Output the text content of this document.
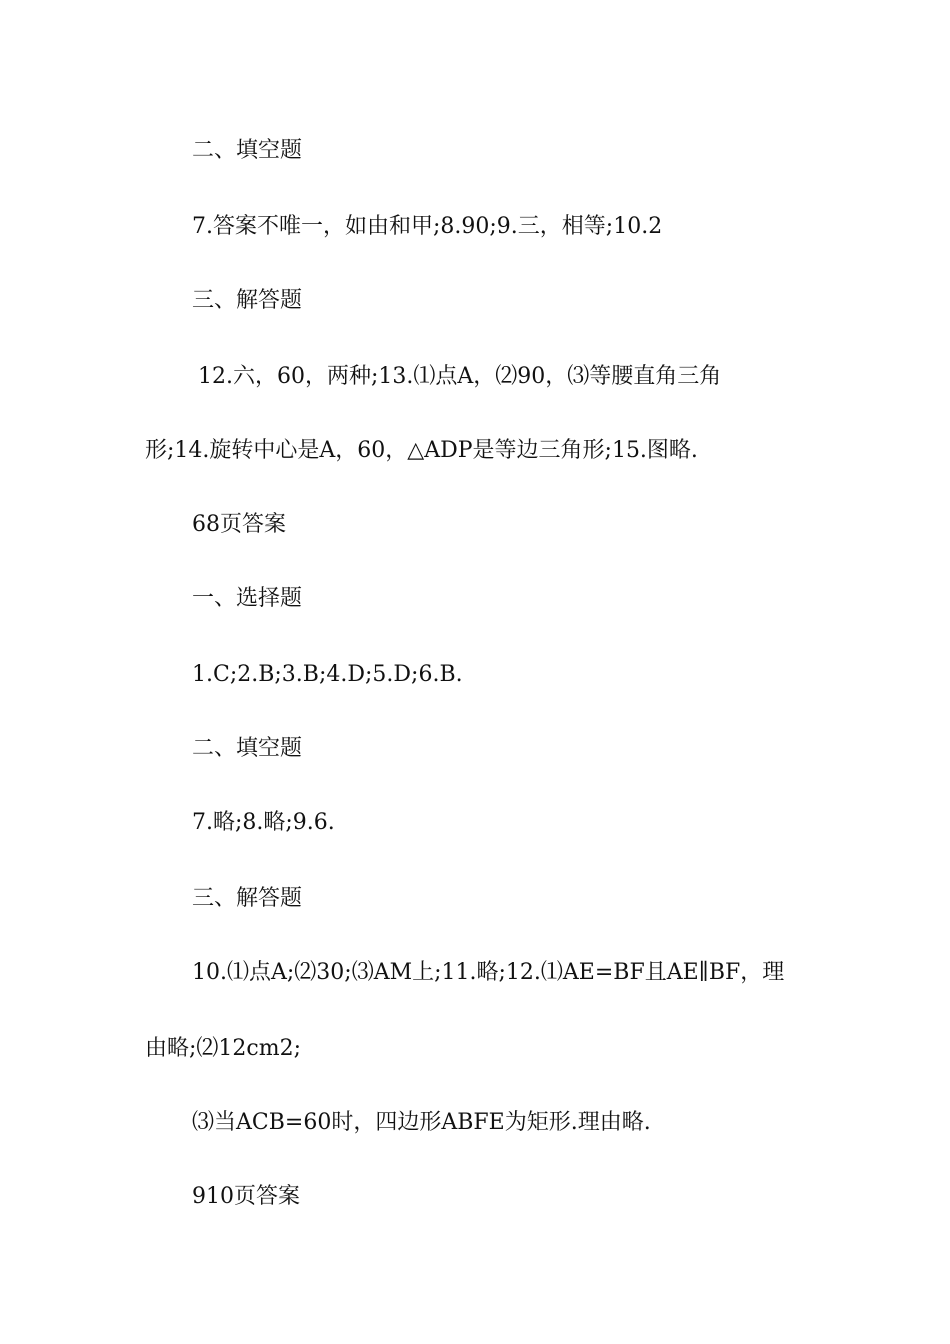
二、填空题
7.答案不唯一，如由和甲;8.90;9.三，相等;10.2
三、解答题
12.六，60，两种;13.⑴点A，⑵90，⑶等腰直角三角
形;14.旋转中心是A，60，△ADP是等边三角形;15.图略.
68页答案
一、选择题
1.C;2.B;3.B;4.D;5.D;6.B.
二、填空题
7.略;8.略;9.6.
三、解答题
10.⑴点A;⑵30;⑶AM上;11.略;12.⑴AE=BF且AE∥BF，理
由略;⑵12cm2;
⑶当ACB=60时，四边形ABFE为矩形.理由略.
910页答案
